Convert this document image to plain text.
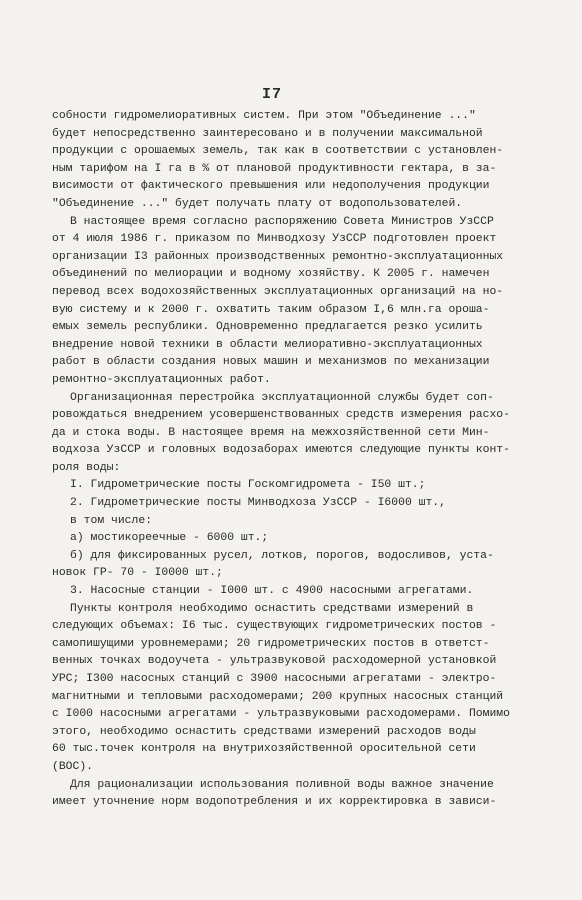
I7
собности гидромелиоративных систем. При этом "Объединение ..."
будет непосредственно заинтересовано и в получении максимальной
продукции с орошаемых земель, так как в соответствии с установлен-
ным тарифом на I га в % от плановой продуктивности гектара, в за-
висимости от фактического превышения или недополучения продукции
"Объединение ..." будет получать плату от водопользователей.
В настоящее время согласно распоряжению Совета Министров УзССР
от 4 июля 1986 г. приказом по Минводхозу УзССР подготовлен проект
организации I3 районных производственных ремонтно-эксплуатационных
объединений по мелиорации и водному хозяйству. К 2005 г. намечен
перевод всех водохозяйственных эксплуатационных организаций на но-
вую систему и к 2000 г. охватить таким образом I,6 млн.га ороша-
емых земель республики. Одновременно предлагается резко усилить
внедрение новой техники в области мелиоративно-эксплуатационных
работ в области создания новых машин и механизмов по механизации
ремонтно-эксплуатационных работ.
Организационная перестройка эксплуатационной службы будет соп-
ровождаться внедрением усовершенствованных средств измерения расхо-
да и стока воды. В настоящее время на межхозяйственной сети Мин-
водхоза УзССР и головных водозаборах имеются следующие пункты конт-
роля воды:
I. Гидрометрические посты Госкомгидромета - I50 шт.;
2. Гидрометрические посты Минводхоза УзССР - I6000 шт.,
в том числе:
а) мостикореечные - 6000 шт.;
б) для фиксированных русел, лотков, порогов, водосливов, уста-
новок ГР- 70 - I0000 шт.;
3. Насосные станции - I000 шт. с 4900 насосными агрегатами.
Пункты контроля необходимо оснастить средствами измерений в
следующих объемах: I6 тыс. существующих гидрометрических постов -
самопишущими уровнемерами; 20 гидрометрических постов в ответст-
венных точках водоучета - ультразвуковой расходомерной установкой
УРС; I300 насосных станций с 3900 насосными агрегатами - электро-
магнитными и тепловыми расходомерами; 200 крупных насосных станций
с I000 насосными агрегатами - ультразвуковыми расходомерами. Помимо
этого, необходимо оснастить средствами измерений расходов воды
60 тыс.точек контроля на внутрихозяйственной оросительной сети
(ВОС).
Для рационализации использования поливной воды важное значение
имеет уточнение норм водопотребления и их корректировка в зависи-
